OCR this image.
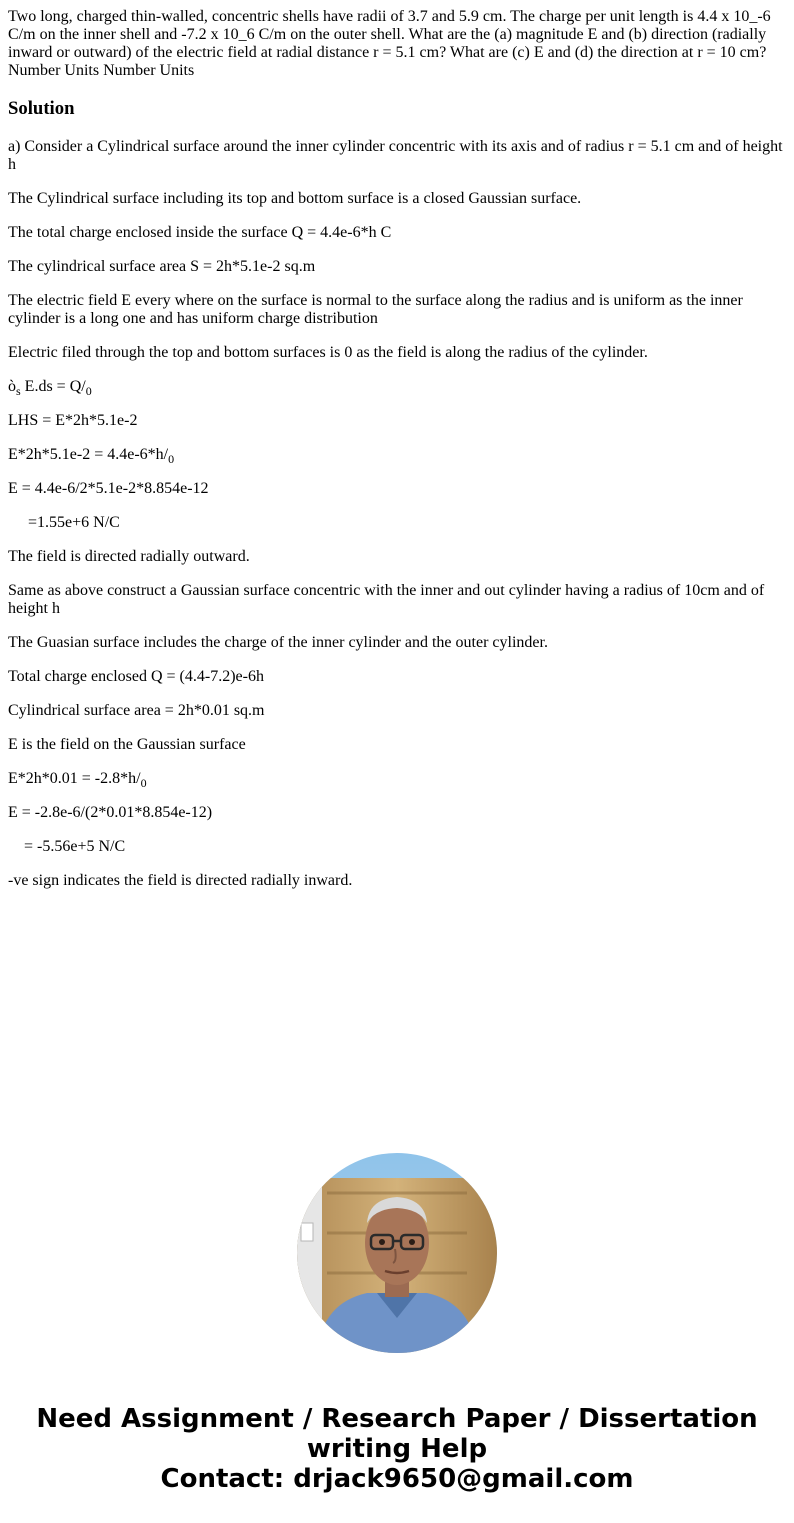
Two long, charged thin-walled, concentric shells have radii of 3.7 and 5.9 cm. The charge per unit length is 4.4 x 10_-6 C/m on the inner shell and -7.2 x 10_6 C/m on the outer shell. What are the (a) magnitude E and (b) direction (radially inward or outward) of the electric field at radial distance r = 5.1 cm? What are (c) E and (d) the direction at r = 10 cm? Number Units Number Units
Solution

a) Consider a Cylindrical surface around the inner cylinder concentric with its axis and of radius r = 5.1 cm and of height h

The Cylindrical surface including its top and bottom surface is a closed Gaussian surface.

The total charge enclosed inside the surface Q = 4.4e-6*h C

The cylindrical surface area S = 2h*5.1e-2 sq.m

The electric field E every where on the surface is normal to the surface along the radius and is uniform as the inner cylinder is a long one and has uniform charge distribution

Electric filed through the top and bottom surfaces is 0 as the field is along the radius of the cylinder.

$ò_s$ $E.ds = Q/_0$

LHS = E*2h*5.1e-2

$E*2h*5.1e-2 = 4.4e-6*h/_0$

E = 4.4e-6/2*5.1e-2*8.854e-12

=1.55e+6 N/C

The field is directed radially outward.

Same as above construct a Gaussian surface concentric with the inner and out cylinder having a radius of 10cm and of height h

The Guasian surface includes the charge of the inner cylinder and the outer cylinder.

Total charge enclosed Q = (4.4-7.2)e-6h

Cylindrical surface area = 2h*0.01 sq.m

E is the field on the Gaussian surface

$E*2h*0.01 = -2.8*h/_0$

E = -2.8e-6/(2*0.01*8.854e-12)

= -5.56e+5 N/C

-ve sign indicates the field is directed radially inward.

Need Assignment / Research Paper / Dissertation
writing Help
Contact: drjack9650@gmail.com
